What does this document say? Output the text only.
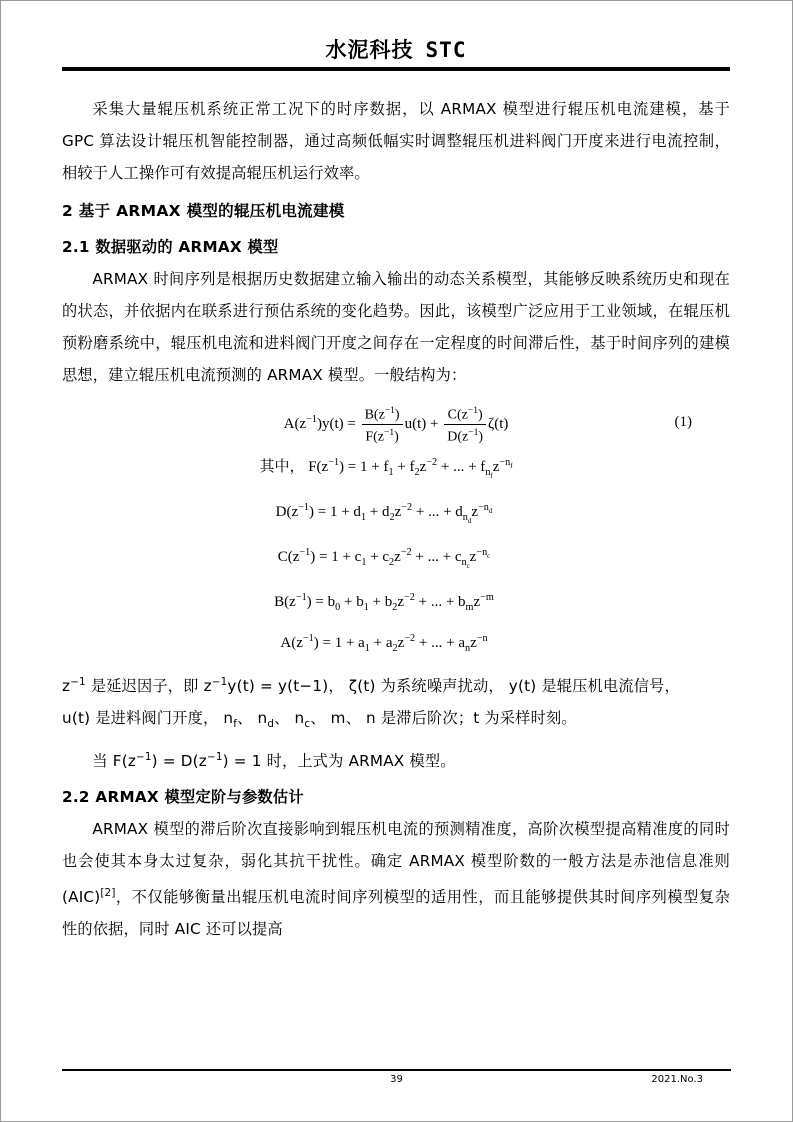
水泥科技 STC

采集大量辊压机系统正常工况下的时序数据，以 ARMAX 模型进行辊压机电流建模，基于 GPC 算法设计辊压机智能控制器，通过高频低幅实时调整辊压机进料阀门开度来进行电流控制，相较于人工操作可有效提高辊压机运行效率。

2 基于 ARMAX 模型的辊压机电流建模
2.1 数据驱动的 ARMAX 模型

ARMAX 时间序列是根据历史数据建立输入输出的动态关系模型，其能够反映系统历史和现在的状态，并依据内在联系进行预估系统的变化趋势。因此，该模型广泛应用于工业领域，在辊压机预粉磨系统中，辊压机电流和进料阀门开度之间存在一定程度的时间滞后性，基于时间序列的建模思想，建立辊压机电流预测的 ARMAX 模型。一般结构为：

$A(z^{-1})y(t) = \frac{B(z^{-1})}{F(z^{-1})} u(t) + \frac{C(z^{-1})}{D(z^{-1})} \zeta(t)$	(1)
其中， $F(z^{-1}) = 1 + f_1 + f_2z^{-2}$ + ... + $f_{n_f}z^{-n_f}$
$D(z^{-1}) = 1 + d_1 + d_2z^{-2}$ + ... + $d_{n_d}z^{-n_d}$
$C(z^{-1}) = 1 + c_1 + c_2z^{-2}$ + ... + $c_{n_c}z^{-n_c}$
$B(z^{-1}) = b_0 + b_1 + b_2z^{-2}$ + ... + $b_mz^{-m}$
$A(z^{-1}) = 1 + a_1 + a_2z^{-2}$ + ... + $a_nz^{-n}$

$z^{-1}$ 是延迟因子，即 $z^{-1}y(t) = y(t-1)$， ζ(t) 为系统噪声扰动， y(t) 是辊压机电流信号，

u(t) 是进料阀门开度， $n_f$、 $n_d$、 $n_c$、 m、 n 是滞后阶次；t 为采样时刻。

当 $F(z^{-1}) = D(z^{-1}) = 1$ 时，上式为 ARMAX 模型。

2.2 ARMAX 模型定阶与参数估计

ARMAX 模型的滞后阶次直接影响到辊压机电流的预测精准度，高阶次模型提高精准度的同时也会使其本身太过复杂，弱化其抗干扰性。确定 ARMAX 模型阶数的一般方法是赤池信息准则(AIC)[2]，不仅能够衡量出辊压机电流时间序列模型的适用性，而且能够提供其时间序列模型复杂性的依据，同时 AIC 还可以提高

39	2021.No.3
